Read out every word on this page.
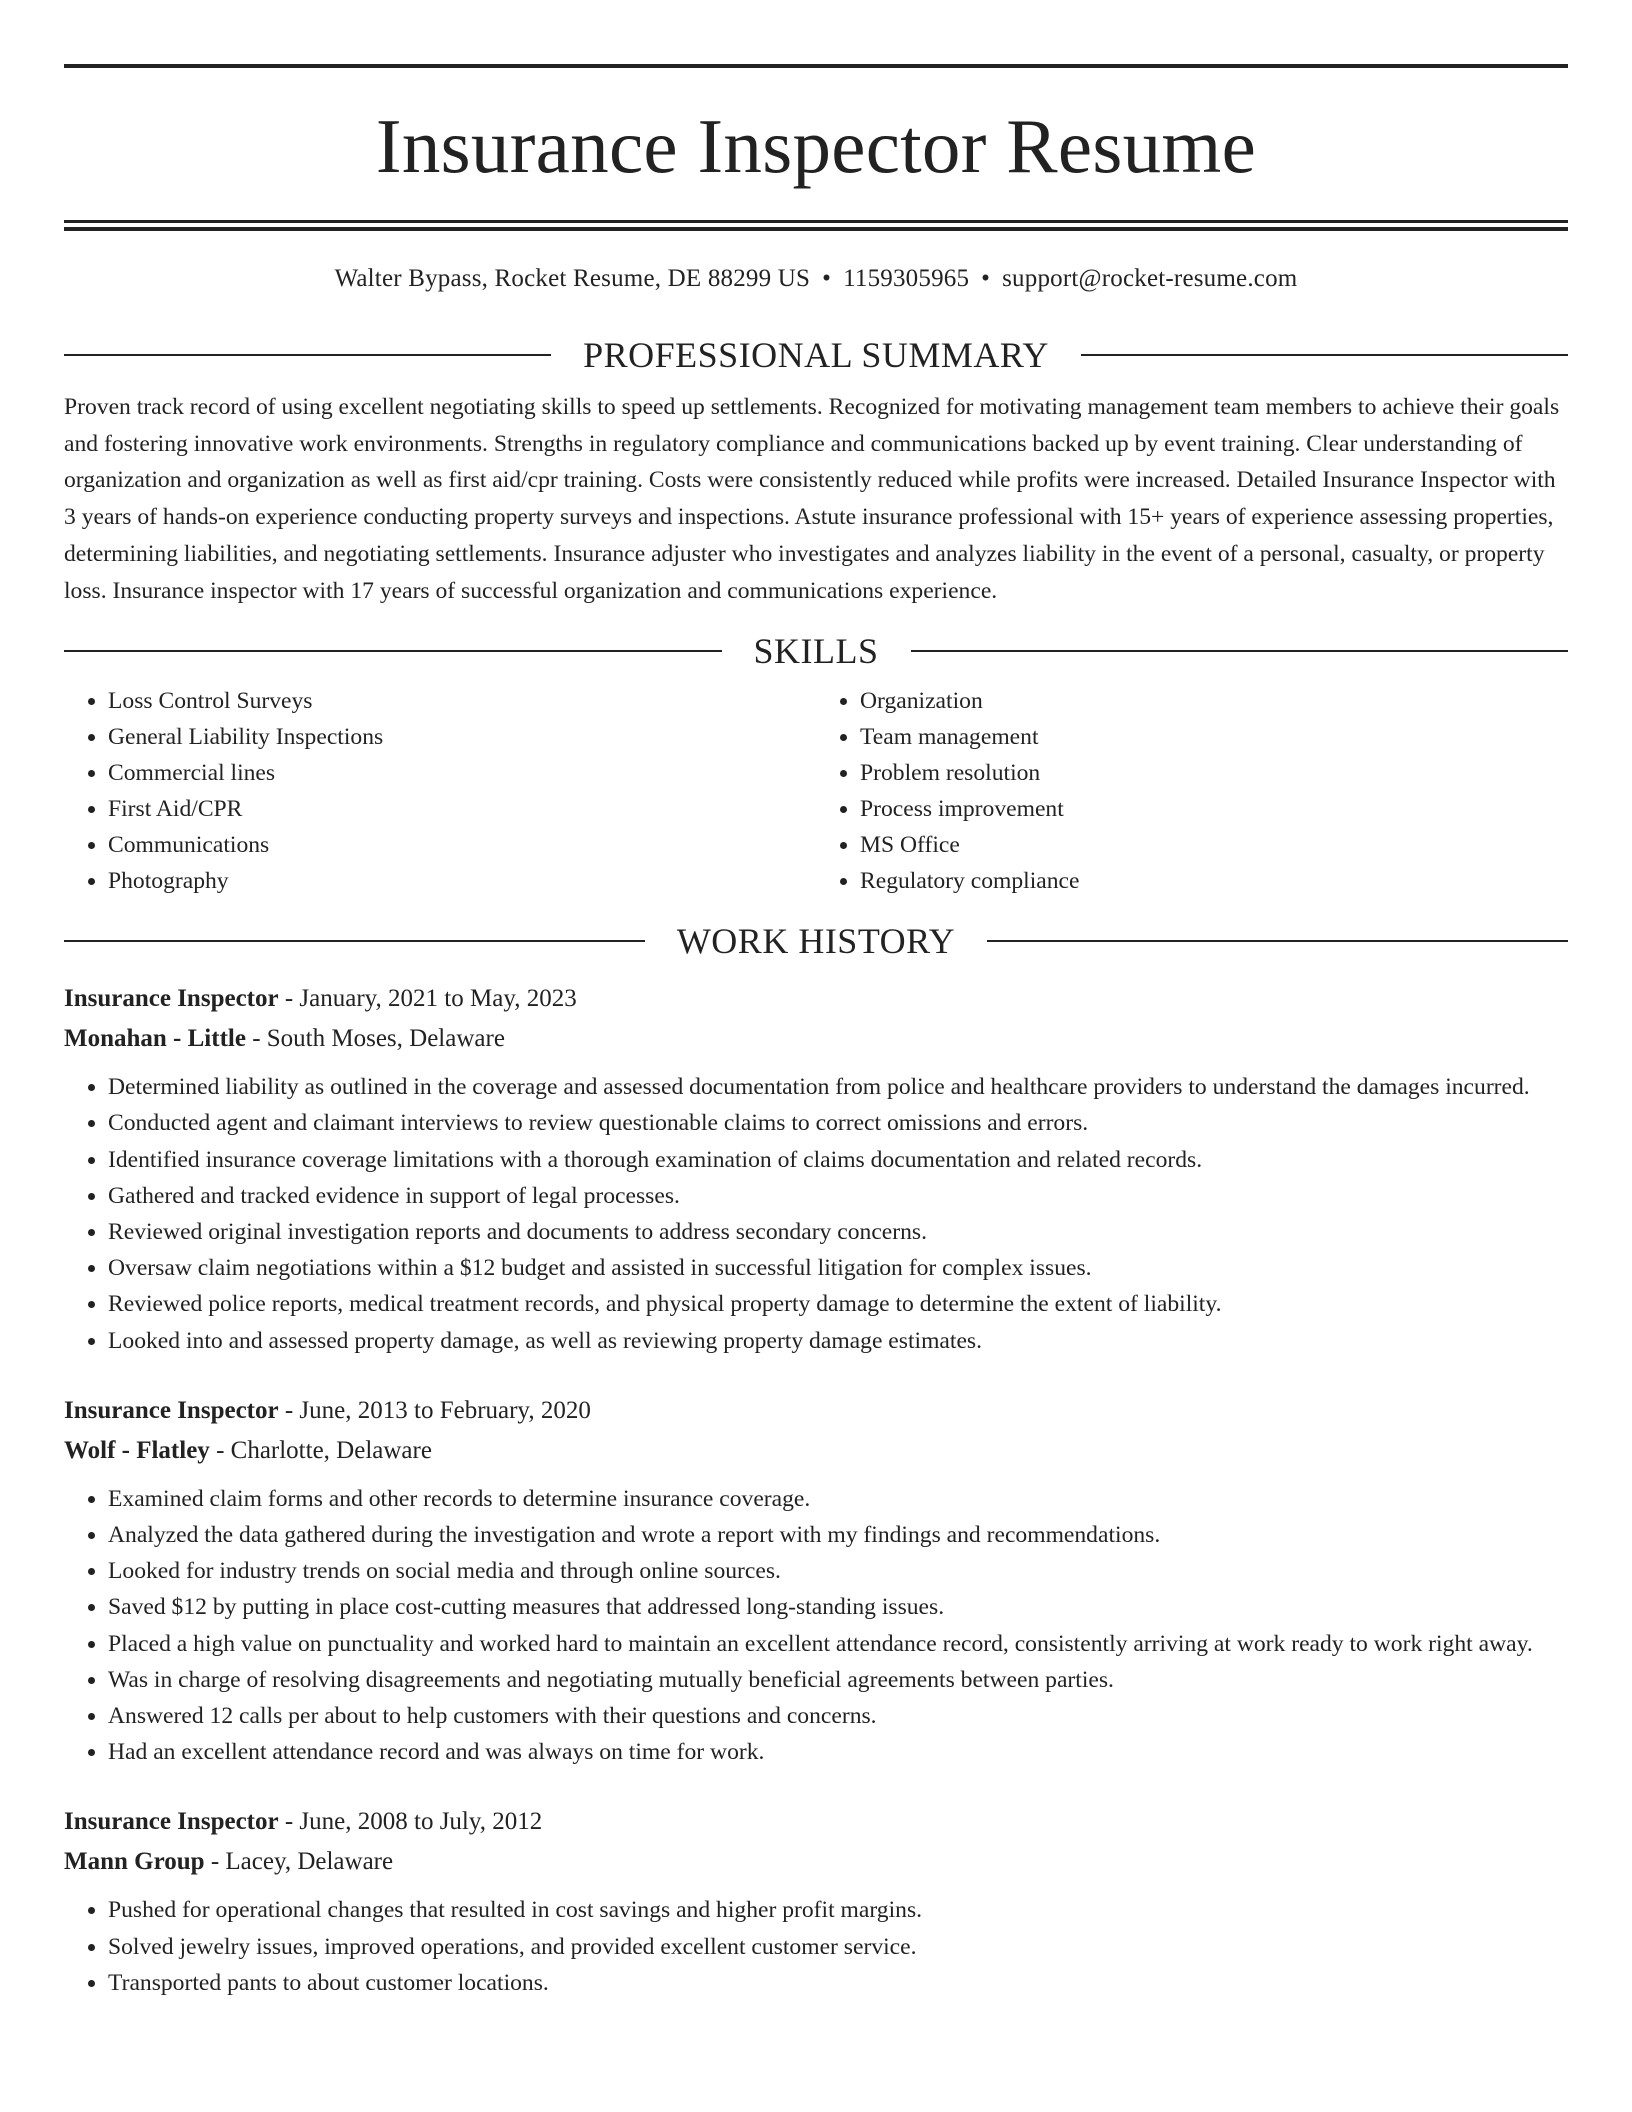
Insurance Inspector Resume
Walter Bypass, Rocket Resume, DE 88299 US • 1159305965 • support@rocket-resume.com
PROFESSIONAL SUMMARY

Proven track record of using excellent negotiating skills to speed up settlements. Recognized for motivating management team members to achieve their goals and fostering innovative work environments. Strengths in regulatory compliance and communications backed up by event training. Clear understanding of organization and organization as well as first aid/cpr training. Costs were consistently reduced while profits were increased. Detailed Insurance Inspector with 3 years of hands-on experience conducting property surveys and inspections. Astute insurance professional with 15+ years of experience assessing properties, determining liabilities, and negotiating settlements. Insurance adjuster who investigates and analyzes liability in the event of a personal, casualty, or property loss. Insurance inspector with 17 years of successful organization and communications experience.

SKILLS
• Loss Control Surveys
• General Liability Inspections
• Commercial lines
• First Aid/CPR
• Communications
• Photography
• Organization
• Team management
• Problem resolution
• Process improvement
• MS Office
• Regulatory compliance
WORK HISTORY
Insurance Inspector - January, 2021 to May, 2023
Monahan - Little - South Moses, Delaware
• Determined liability as outlined in the coverage and assessed documentation from police and healthcare providers to understand the damages incurred.
• Conducted agent and claimant interviews to review questionable claims to correct omissions and errors.
• Identified insurance coverage limitations with a thorough examination of claims documentation and related records.
• Gathered and tracked evidence in support of legal processes.
• Reviewed original investigation reports and documents to address secondary concerns.
• Oversaw claim negotiations within a $12 budget and assisted in successful litigation for complex issues.
• Reviewed police reports, medical treatment records, and physical property damage to determine the extent of liability.
• Looked into and assessed property damage, as well as reviewing property damage estimates.
Insurance Inspector - June, 2013 to February, 2020
Wolf - Flatley - Charlotte, Delaware
• Examined claim forms and other records to determine insurance coverage.
• Analyzed the data gathered during the investigation and wrote a report with my findings and recommendations.
• Looked for industry trends on social media and through online sources.
• Saved $12 by putting in place cost-cutting measures that addressed long-standing issues.
• Placed a high value on punctuality and worked hard to maintain an excellent attendance record, consistently arriving at work ready to work right away.
• Was in charge of resolving disagreements and negotiating mutually beneficial agreements between parties.
• Answered 12 calls per about to help customers with their questions and concerns.
• Had an excellent attendance record and was always on time for work.
Insurance Inspector - June, 2008 to July, 2012
Mann Group - Lacey, Delaware
• Pushed for operational changes that resulted in cost savings and higher profit margins.
• Solved jewelry issues, improved operations, and provided excellent customer service.
• Transported pants to about customer locations.
